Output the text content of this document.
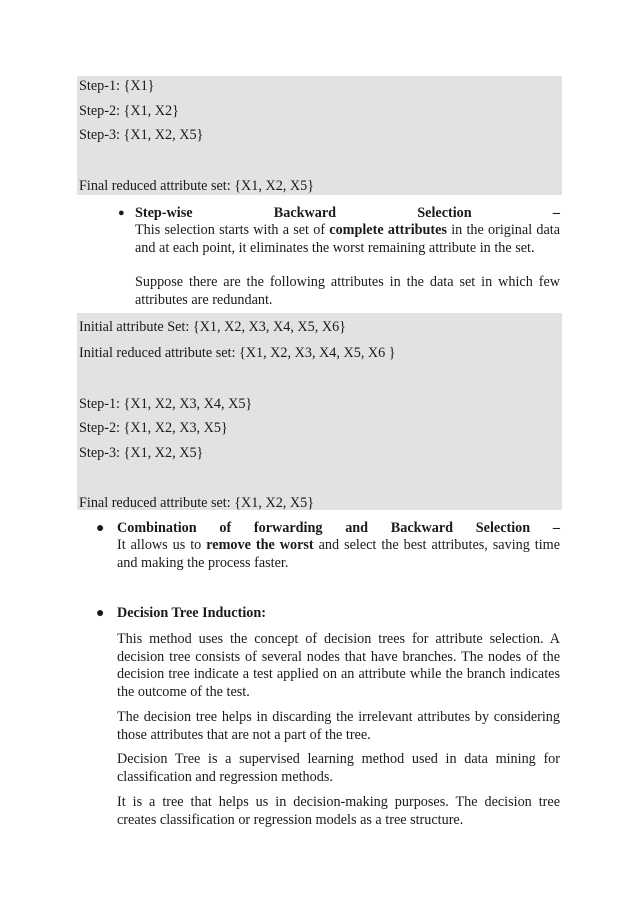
Step-1: {X1}
Step-2: {X1, X2}
Step-3: {X1, X2, X5}
Final reduced attribute set: {X1, X2, X5}
● Step-wise	Backward	Selection	–
This selection starts with a set of complete attributes in the original data and at each point, it eliminates the worst remaining attribute in the set.
Suppose there are the following attributes in the data set in which few attributes are redundant.
Initial attribute Set: {X1, X2, X3, X4, X5, X6}
Initial reduced attribute set: {X1, X2, X3, X4, X5, X6 }
Step-1: {X1, X2, X3, X4, X5}
Step-2: {X1, X2, X3, X5}
Step-3: {X1, X2, X5}
Final reduced attribute set: {X1, X2, X5}
● Combination of forwarding and Backward Selection –
It allows us to remove the worst and select the best attributes, saving time and making the process faster.
● Decision Tree Induction:

This method uses the concept of decision trees for attribute selection. A decision tree consists of several nodes that have branches. The nodes of the decision tree indicate a test applied on an attribute while the branch indicates the outcome of the test.

The decision tree helps in discarding the irrelevant attributes by considering those attributes that are not a part of the tree.

Decision Tree is a supervised learning method used in data mining for classification and regression methods.

It is a tree that helps us in decision-making purposes. The decision tree creates classification or regression models as a tree structure.
